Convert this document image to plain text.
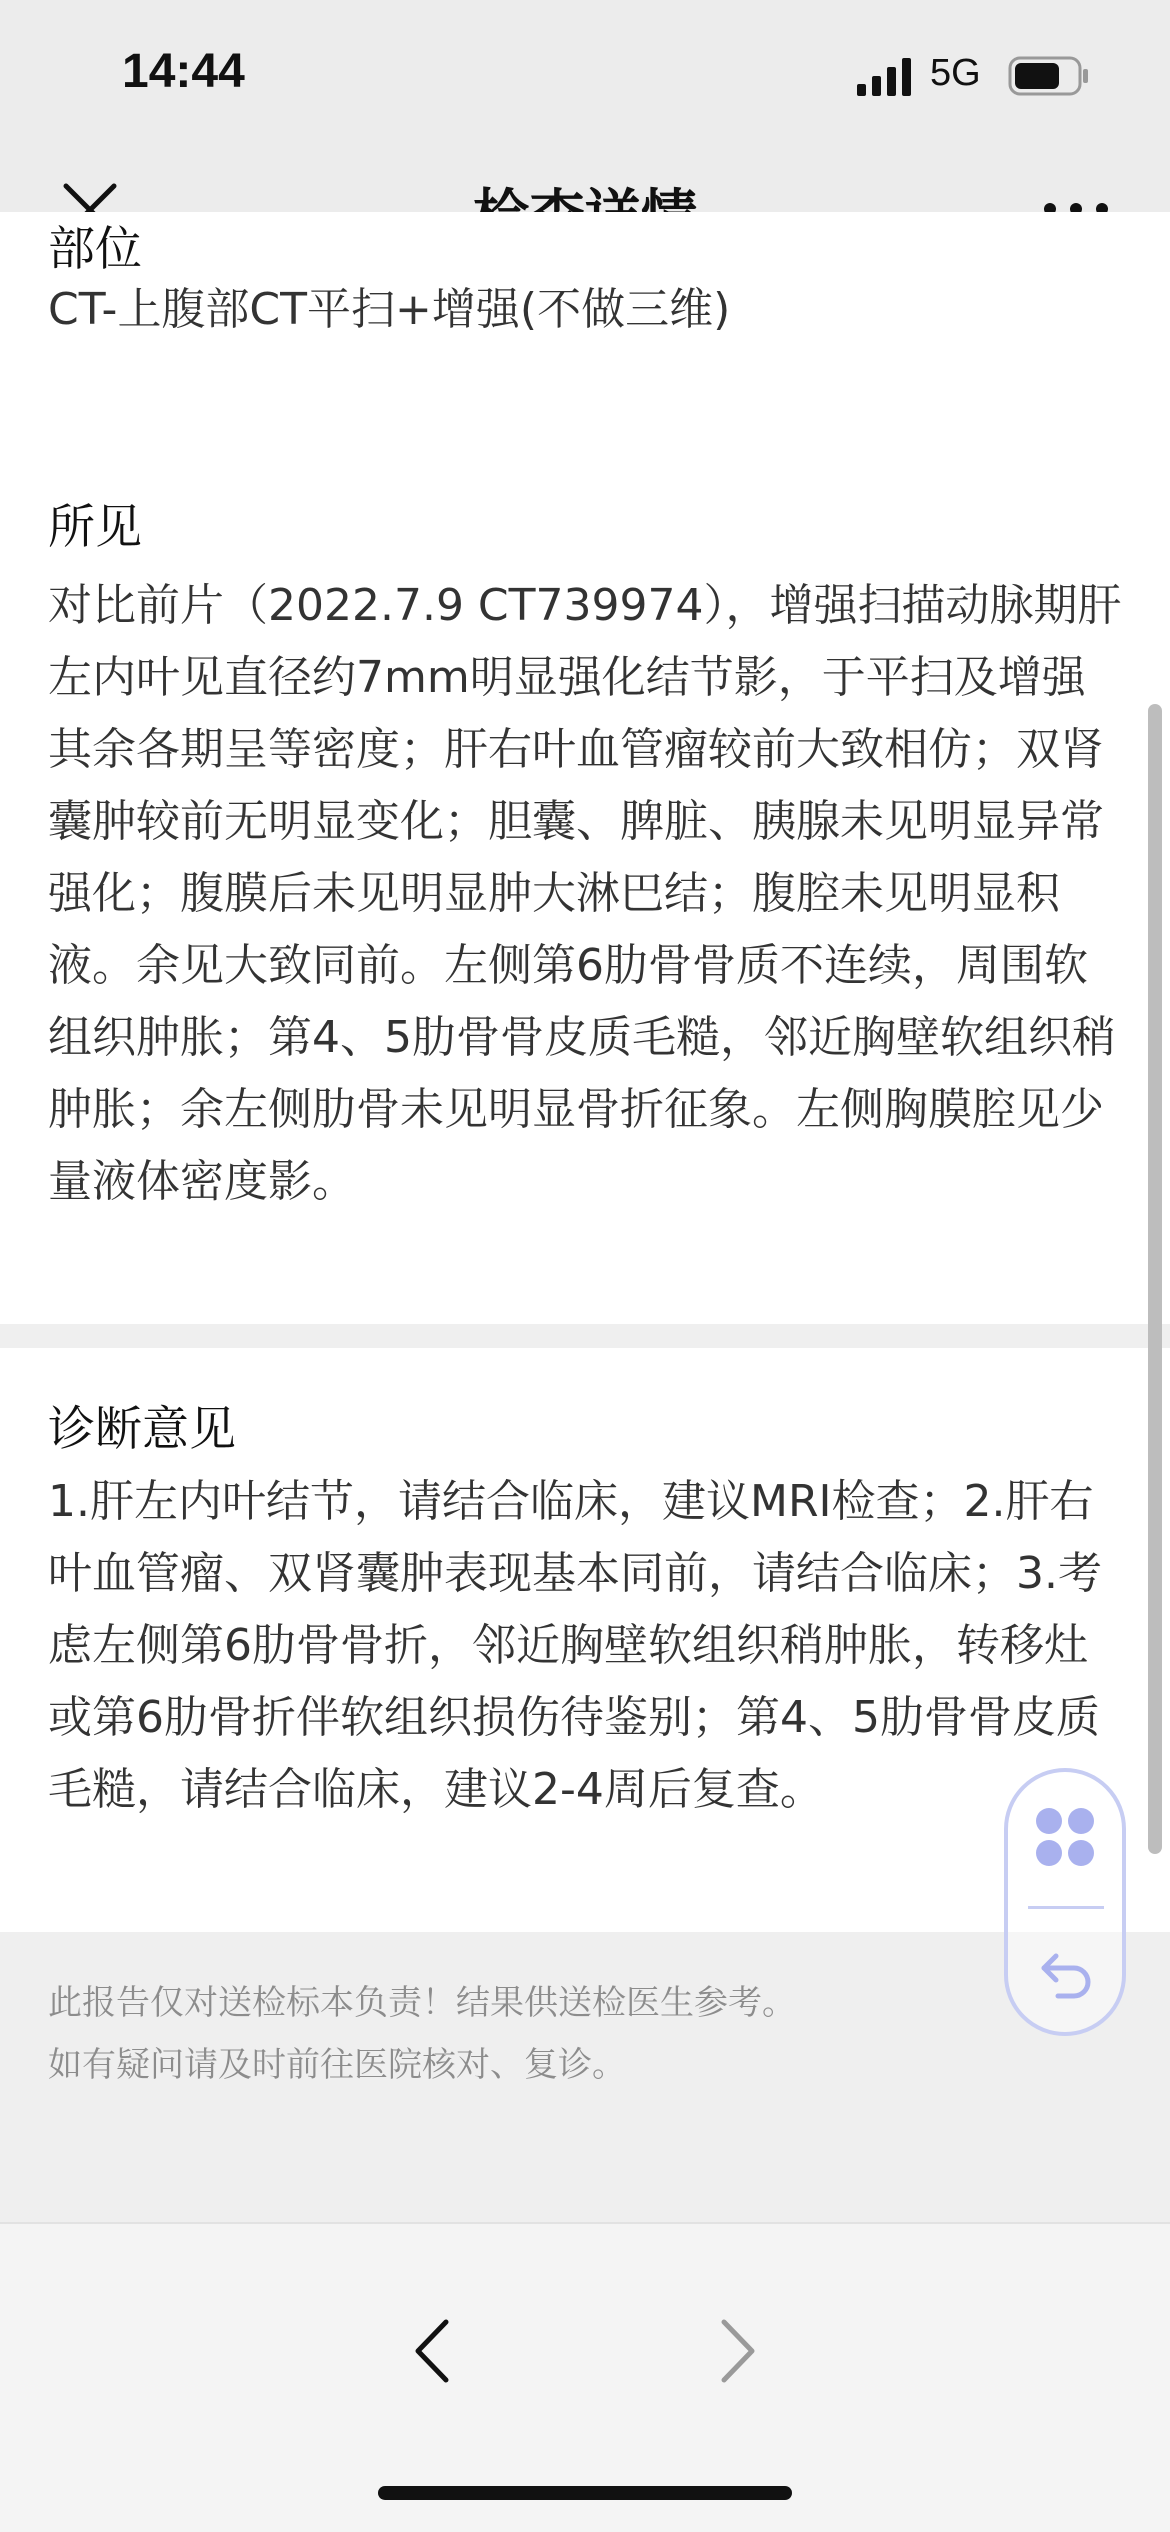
14:44	5G
部位
CT-上腹部CT平扫+增强(不做三维)
所见
对比前片（2022.7.9 CT739974），增强扫描动脉期肝左内叶见直径约7mm明显强化结节影，于平扫及增强其余各期呈等密度；肝右叶血管瘤较前大致相仿；双肾囊肿较前无明显变化；胆囊、脾脏、胰腺未见明显异常强化；腹膜后未见明显肿大淋巴结；腹腔未见明显积液。余见大致同前。左侧第6肋骨骨质不连续，周围软组织肿胀；第4、5肋骨骨皮质毛糙，邻近胸壁软组织稍肿胀；余左侧肋骨未见明显骨折征象。左侧胸膜腔见少量液体密度影。
诊断意见
1.肝左内叶结节，请结合临床，建议MRI检查；2.肝右叶血管瘤、双肾囊肿表现基本同前，请结合临床；3.考虑左侧第6肋骨骨折，邻近胸壁软组织稍肿胀，转移灶或第6肋骨折伴软组织损伤待鉴别；第4、5肋骨骨皮质毛糙，请结合临床，建议2-4周后复查。
此报告仅对送检标本负责！结果供送检医生参考。
如有疑问请及时前往医院核对、复诊。
